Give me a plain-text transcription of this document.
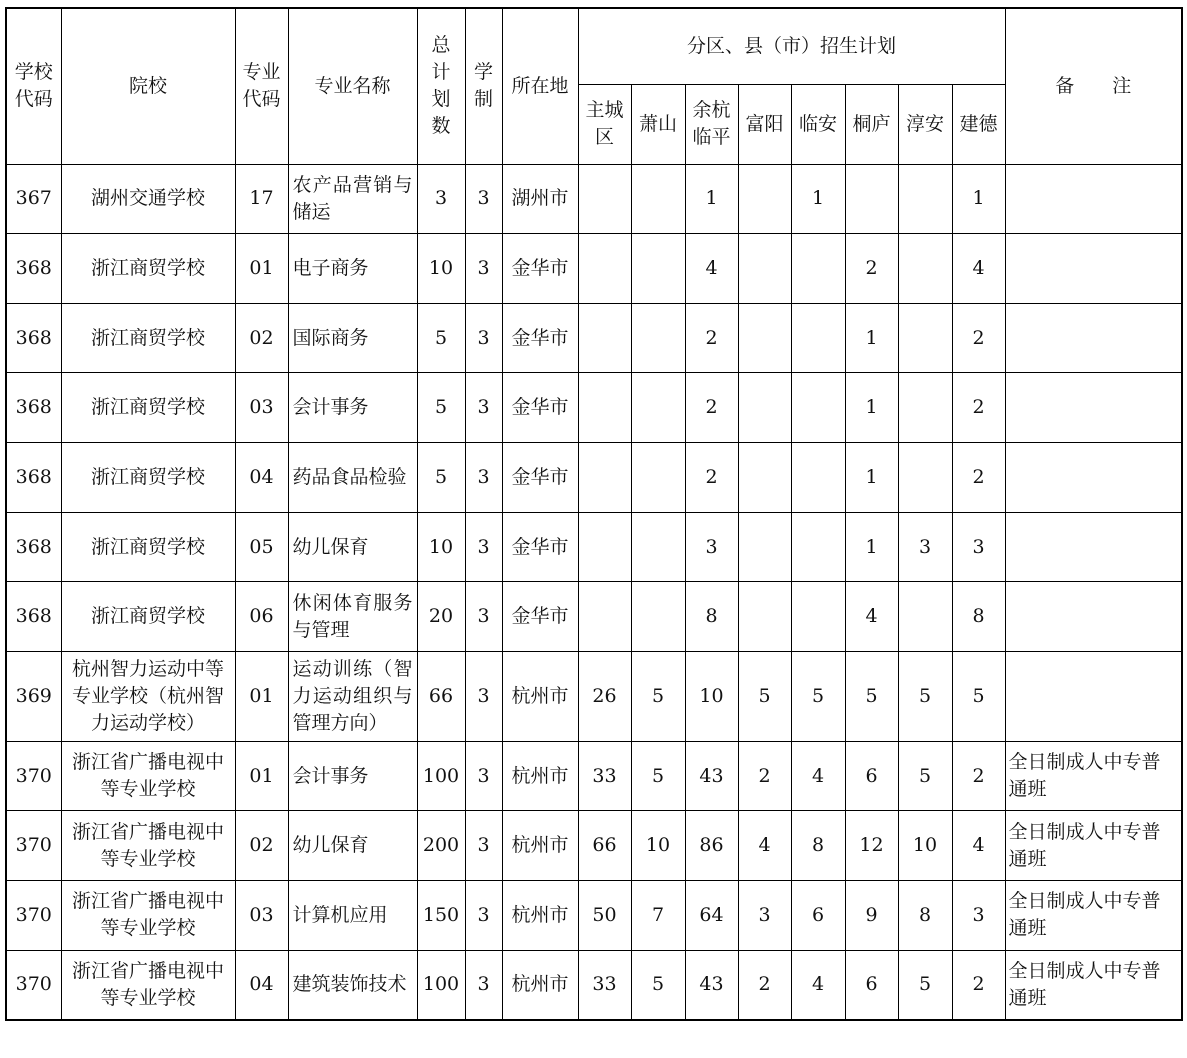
学校代码	院校	专业代码	专业名称	总计划数	学制	所在地	分区、县（市）招生计划								备　　注
							主城区	萧山	余杭临平	富阳	临安	桐庐	淳安	建德	
367	湖州交通学校	17	农产品营销与储运	3	3	湖州市			1		1			1	
368	浙江商贸学校	01	电子商务	10	3	金华市			4			2		4	
368	浙江商贸学校	02	国际商务	5	3	金华市			2			1		2	
368	浙江商贸学校	03	会计事务	5	3	金华市			2			1		2	
368	浙江商贸学校	04	药品食品检验	5	3	金华市			2			1		2	
368	浙江商贸学校	05	幼儿保育	10	3	金华市			3			1	3	3	
368	浙江商贸学校	06	休闲体育服务与管理	20	3	金华市			8			4		8	
369	杭州智力运动中等专业学校（杭州智力运动学校）	01	运动训练（智力运动组织与管理方向）	66	3	杭州市	26	5	10	5	5	5	5	5	
370	浙江省广播电视中等专业学校	01	会计事务	100	3	杭州市	33	5	43	2	4	6	5	2	全日制成人中专普通班
370	浙江省广播电视中等专业学校	02	幼儿保育	200	3	杭州市	66	10	86	4	8	12	10	4	全日制成人中专普通班
370	浙江省广播电视中等专业学校	03	计算机应用	150	3	杭州市	50	7	64	3	6	9	8	3	全日制成人中专普通班
370	浙江省广播电视中等专业学校	04	建筑装饰技术	100	3	杭州市	33	5	43	2	4	6	5	2	全日制成人中专普通班
